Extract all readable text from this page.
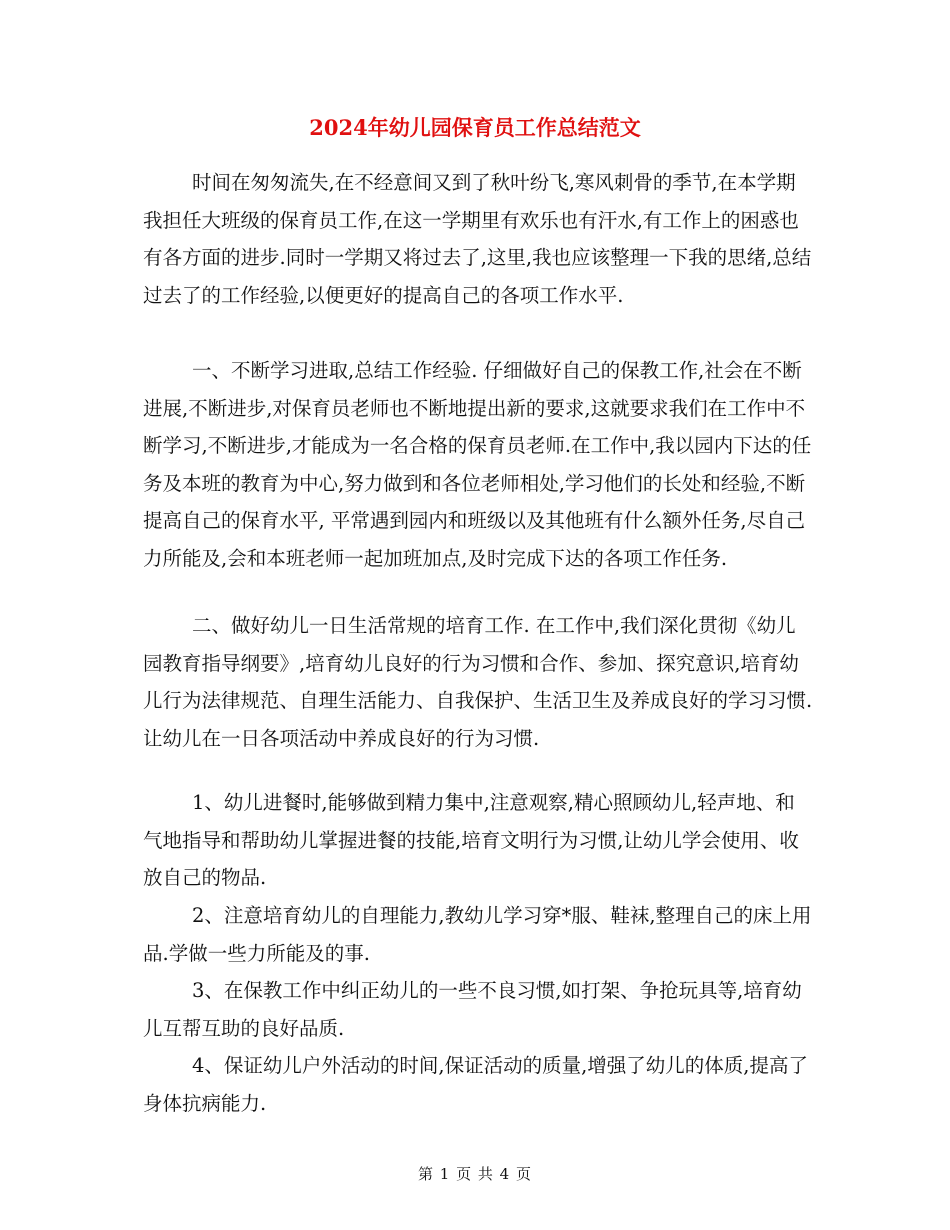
2024年幼儿园保育员工作总结范文

时间在匆匆流失,在不经意间又到了秋叶纷飞,寒风刺骨的季节,在本学期我担任大班级的保育员工作,在这一学期里有欢乐也有汗水,有工作上的困惑也有各方面的进步.同时一学期又将过去了,这里,我也应该整理一下我的思绪,总结过去了的工作经验,以便更好的提高自己的各项工作水平.

一、不断学习进取,总结工作经验. 仔细做好自己的保教工作,社会在不断进展,不断进步,对保育员老师也不断地提出新的要求,这就要求我们在工作中不断学习,不断进步,才能成为一名合格的保育员老师.在工作中,我以园内下达的任务及本班的教育为中心,努力做到和各位老师相处,学习他们的长处和经验,不断提高自己的保育水平, 平常遇到园内和班级以及其他班有什么额外任务,尽自己力所能及,会和本班老师一起加班加点,及时完成下达的各项工作任务.

二、做好幼儿一日生活常规的培育工作. 在工作中,我们深化贯彻《幼儿园教育指导纲要》,培育幼儿良好的行为习惯和合作、参加、探究意识,培育幼儿行为法律规范、自理生活能力、自我保护、生活卫生及养成良好的学习习惯.让幼儿在一日各项活动中养成良好的行为习惯.

1、幼儿进餐时,能够做到精力集中,注意观察,精心照顾幼儿,轻声地、和气地指导和帮助幼儿掌握进餐的技能,培育文明行为习惯,让幼儿学会使用、收放自己的物品.

2、注意培育幼儿的自理能力,教幼儿学习穿*服、鞋袜,整理自己的床上用品.学做一些力所能及的事.

3、在保教工作中纠正幼儿的一些不良习惯,如打架、争抢玩具等,培育幼儿互帮互助的良好品质.

4、保证幼儿户外活动的时间,保证活动的质量,增强了幼儿的体质,提高了身体抗病能力.

第 1 页 共 4 页
